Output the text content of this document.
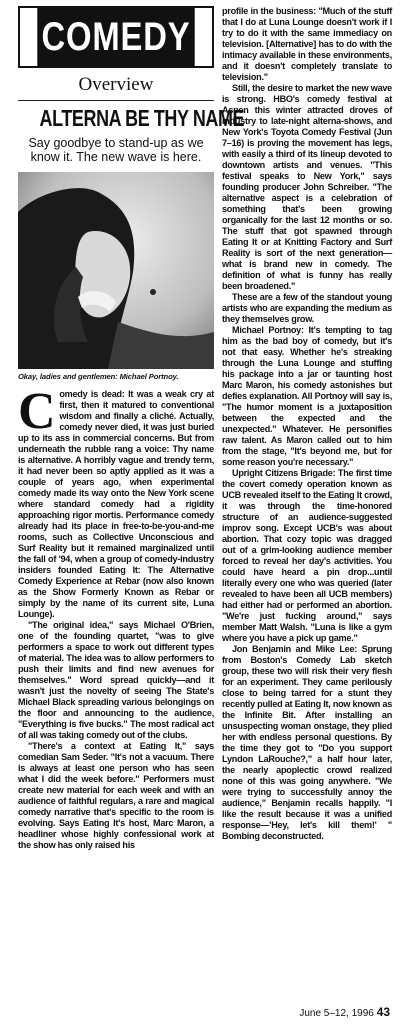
COMEDY
Overview
ALTERNA BE THY NAME
Say goodbye to stand-up as we know it. The new wave is here.
Okay, ladies and gentlemen: Michael Portnoy.

Comedy is dead: It was a weak cry at first, then it matured to conventional wisdom and finally a cliché. Actually, comedy never died, it was just buried up to its ass in commercial concerns. But from underneath the rubble rang a voice: Thy name is alternative. A horribly vague and trendy term, it had never been so aptly applied as it was a couple of years ago, when experimental comedy made its way onto the New York scene where standard comedy had a rigidity approaching rigor mortis. Performance comedy already had its place in free-to-be-you-and-me rooms, such as Collective Unconscious and Surf Reality but it remained marginalized until the fall of '94, when a group of comedy-industry insiders founded Eating It: The Alternative Comedy Experience at Rebar (now also known as the Show Formerly Known as Rebar or simply by the name of its current site, Luna Lounge).

"The original idea," says Michael O'Brien, one of the founding quartet, "was to give performers a space to work out different types of material. The idea was to allow performers to push their limits and find new avenues for themselves." Word spread quickly—and it wasn't just the novelty of seeing The State's Michael Black spreading various belongings on the floor and announcing to the audience, "Everything is five bucks." The most radical act of all was taking comedy out of the clubs.

"There's a context at Eating It," says comedian Sam Seder. "It's not a vacuum. There is always at least one person who has seen what I did the week before." Performers must create new material for each week and with an audience of faithful regulars, a rare and magical comedy narrative that's specific to the room is evolving. Says Eating It's host, Marc Maron, a headliner whose highly confessional work at the show has only raised his

profile in the business: "Much of the stuff that I do at Luna Lounge doesn't work if I try to do it with the same immediacy on television. [Alternative] has to do with the intimacy available in these environments, and it doesn't completely translate to television."

Still, the desire to market the new wave is strong. HBO's comedy festival at Aspen this winter attracted droves of industry to late-night alterna-shows, and New York's Toyota Comedy Festival (Jun 7–16) is proving the movement has legs, with easily a third of its lineup devoted to downtown artists and venues. "This festival speaks to New York," says founding producer John Schreiber. "The alternative aspect is a celebration of something that's been growing organically for the last 12 months or so. The stuff that got spawned through Eating It or at Knitting Factory and Surf Reality is sort of the next generation—what is brand new in comedy. The definition of what is funny has really been broadened."

These are a few of the standout young artists who are expanding the medium as they themselves grow.

Michael Portnoy: It's tempting to tag him as the bad boy of comedy, but it's not that easy. Whether he's streaking through the Luna Lounge and stuffing his package into a jar or taunting host Marc Maron, his comedy astonishes but defies explanation. All Portnoy will say is, "The humor moment is a juxtaposition between the expected and the unexpected." Whatever. He personifies raw talent. As Maron called out to him from the stage, "It's beyond me, but for some reason you're necessary."

Upright Citizens Brigade: The first time the covert comedy operation known as UCB revealed itself to the Eating It crowd, it was through the time-honored structure of an audience-suggested improv song. Except UCB's was about abortion. That cozy topic was dragged out of a grim-looking audience member forced to reveal her day's activities. You could have heard a pin drop...until literally every one who was queried (later revealed to have been all UCB members) had either had or performed an abortion. "We're just fucking around," says member Matt Walsh. "Luna is like a gym where you have a pick up game."

Jon Benjamin and Mike Lee: Sprung from Boston's Comedy Lab sketch group, these two will risk their very flesh for an experiment. They came perilously close to being tarred for a stunt they recently pulled at Eating It, now known as the Infinite Bit. After installing an unsuspecting woman onstage, they plied her with endless personal questions. By the time they got to "Do you support Lyndon LaRouche?," a half hour later, the nearly apoplectic crowd realized none of this was going anywhere. "We were trying to successfully annoy the audience," Benjamin recalls happily. "I like the result because it was a unified response—'Hey, let's kill them!' " Bombing deconstructed.

June 5–12, 1996 43
